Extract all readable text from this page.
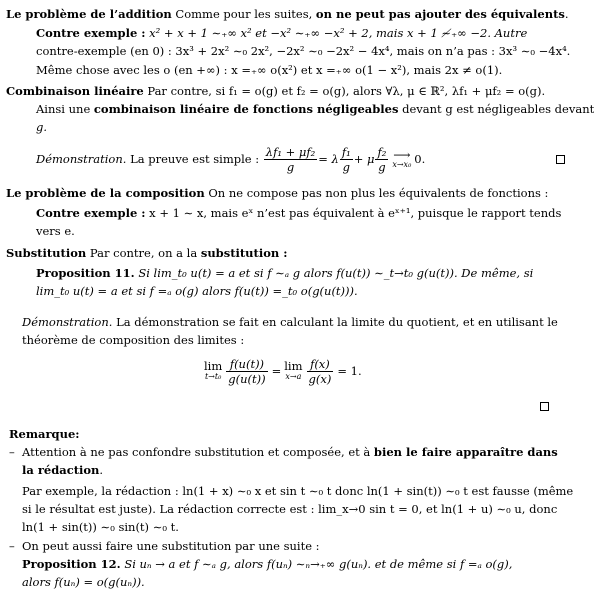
Le problème de l’addition Comme pour les suites, on ne peut pas ajouter des équivalents.
Contre exemple : x² + x + 1 ∼₊∞ x² et −x² ∼₊∞ −x² + 2, mais x + 1 ≁₊∞ −2. Autre
contre-exemple (en 0) : 3x³ + 2x² ∼₀ 2x², −2x² ∼₀ −2x² − 4x⁴, mais on n’a pas : 3x³ ∼₀ −4x⁴.
Même chose avec les o (en +∞) : x =₊∞ o(x²) et x =₊∞ o(1 − x²), mais 2x ≠ o(1).
Combinaison linéaire Par contre, si f₁ = o(g) et f₂ = o(g), alors ∀λ, μ ∈ ℝ², λf₁ + μf₂ = o(g).
Ainsi une combinaison linéaire de fonctions négligeables devant g est négligeables devant
g.
Démonstration.
La preuve est simple :
$\frac{\text{λf₁ + μf₂}}{g} = \lambda \frac{\text{f₁}}{g} + \mu \frac{\text{f₂}}{g}$ ⟶
x→x₀ 0.
Le problème de la composition On ne compose pas non plus les équivalents de fonctions :
Contre exemple : x + 1 ∼ x, mais eˣ n’est pas équivalent à eˣ⁺¹, puisque le rapport tends
vers e.
Substitution Par contre, on a la substitution :
Proposition 11. Si lim_t₀ u(t) = a et si f ∼ₐ g alors f(u(t)) ∼_t→t₀ g(u(t)). De même, si
lim_t₀ u(t) = a et si f =ₐ o(g) alors f(u(t)) =_t₀ o(g(u(t))).
Démonstration. La démonstration se fait en calculant la limite du quotient, et en utilisant le
théorème de composition des limites :
lim
$t\to t_0 \frac{f(u(t))}{g(u(t))} = \lim$
$x\to a \frac{f(x)}{g(x)} = 1$.
Remarque:
– Attention à ne pas confondre substitution et composée, et à bien le faire apparaître dans
la rédaction.
Par exemple, la rédaction : ln(1 + x) ∼₀ x et sin t ∼₀ t donc ln(1 + sin(t)) ∼₀ t est fausse (même
si le résultat est juste). La rédaction correcte est : lim_x→0 sin t = 0, et ln(1 + u) ∼₀ u, donc
ln(1 + sin(t)) ∼₀ sin(t) ∼₀ t.
– On peut aussi faire une substitution par une suite :
Proposition 12. Si uₙ → a et f ∼ₐ g, alors f(uₙ) ∼ₙ→₊∞ g(uₙ). et de même si f =ₐ o(g),
alors f(uₙ) = o(g(uₙ)).
